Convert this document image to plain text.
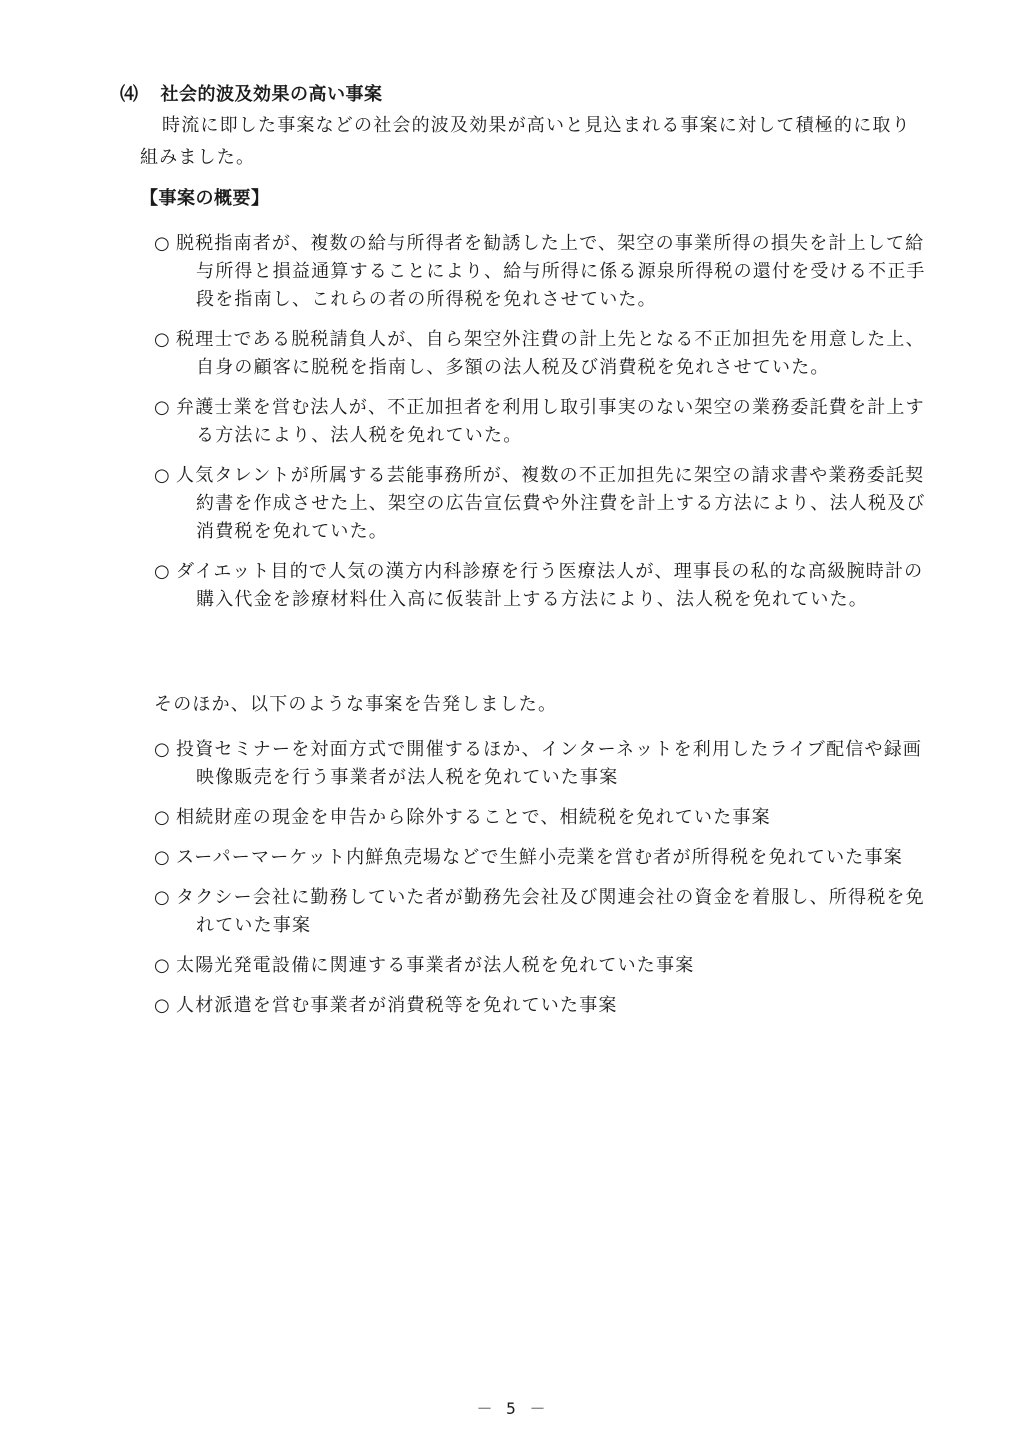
⑷ 社会的波及効果の高い事案
時流に即した事案などの社会的波及効果が高いと見込まれる事案に対して積極的に取り組みました。
【事案の概要】
○ 脱税指南者が、複数の給与所得者を勧誘した上で、架空の事業所得の損失を計上して給与所得と損益通算することにより、給与所得に係る源泉所得税の還付を受ける不正手段を指南し、これらの者の所得税を免れさせていた。
○ 税理士である脱税請負人が、自ら架空外注費の計上先となる不正加担先を用意した上、自身の顧客に脱税を指南し、多額の法人税及び消費税を免れさせていた。
○ 弁護士業を営む法人が、不正加担者を利用し取引事実のない架空の業務委託費を計上する方法により、法人税を免れていた。
○ 人気タレントが所属する芸能事務所が、複数の不正加担先に架空の請求書や業務委託契約書を作成させた上、架空の広告宣伝費や外注費を計上する方法により、法人税及び消費税を免れていた。
○ ダイエット目的で人気の漢方内科診療を行う医療法人が、理事長の私的な高級腕時計の購入代金を診療材料仕入高に仮装計上する方法により、法人税を免れていた。
そのほか、以下のような事案を告発しました。
○ 投資セミナーを対面方式で開催するほか、インターネットを利用したライブ配信や録画映像販売を行う事業者が法人税を免れていた事案
○ 相続財産の現金を申告から除外することで、相続税を免れていた事案
○ スーパーマーケット内鮮魚売場などで生鮮小売業を営む者が所得税を免れていた事案
○ タクシー会社に勤務していた者が勤務先会社及び関連会社の資金を着服し、所得税を免れていた事案
○ 太陽光発電設備に関連する事業者が法人税を免れていた事案
○ 人材派遣を営む事業者が消費税等を免れていた事案
－ 5 －
